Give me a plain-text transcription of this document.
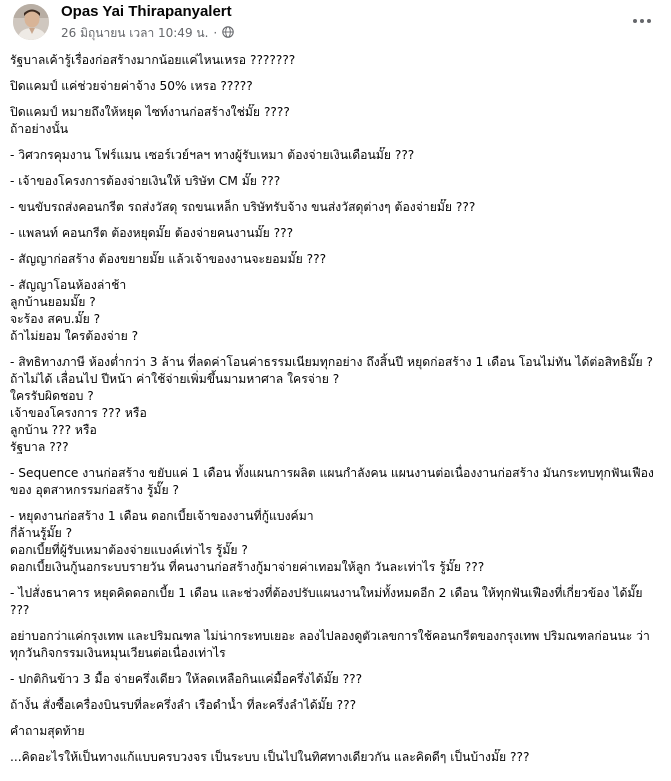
Opas Yai Thirapanyalert
26 มิถุนายน เวลา 10:49 น. ·
รัฐบาลเค้ารู้เรื่องก่อสร้างมากน้อยแค่ไหนเหรอ ???????
ปิดแคมป์ แค่ช่วยจ่ายค่าจ้าง 50% เหรอ ?????
ปิดแคมป์ หมายถึงให้หยุด ไซท์งานก่อสร้างใช่มั๊ย ????
ถ้าอย่างนั้น
- วิศวกรคุมงาน โฟร์แมน เซอร์เวย์ฯลฯ ทางผู้รับเหมา ต้องจ่ายเงินเดือนมั๊ย ???
- เจ้าของโครงการต้องจ่ายเงินให้ บริษัท CM มั๊ย ???
- ขนขับรถส่งคอนกรีต รถส่งวัสดุ รถขนเหล็ก บริษัทรับจ้าง ขนส่งวัสดุต่างๆ ต้องจ่ายมั๊ย ???
- แพลนท์ คอนกรีต ต้องหยุดมั๊ย ต้องจ่ายคนงานมั๊ย ???
- สัญญาก่อสร้าง ต้องขยายมั๊ย แล้วเจ้าของงานจะยอมมั๊ย ???
- สัญญาโอนห้องล่าช้า
ลูกบ้านยอมมั๊ย ?
จะร้อง สคบ.มั๊ย ?
ถ้าไม่ยอม ใครต้องจ่าย ?
- สิทธิทางภาษี ห้องต่ำกว่า 3 ล้าน ที่ลดค่าโอนค่าธรรมเนียมทุกอย่าง ถึงสิ้นปี หยุดก่อสร้าง 1 เดือน โอนไม่ทัน ได้ต่อสิทธิมั๊ย ?
ถ้าไม่ได้ เลื่อนไป ปีหน้า ค่าใช้จ่ายเพิ่มขึ้นมามหาศาล ใครจ่าย ?
ใครรับผิดชอบ ?
เจ้าของโครงการ ??? หรือ
ลูกบ้าน ??? หรือ
รัฐบาล ???
- Sequence งานก่อสร้าง ขยับแค่ 1 เดือน ทั้งแผนการผลิต แผนกำลังคน แผนงานต่อเนื่องงานก่อสร้าง มันกระทบทุกฟันเฟืองของ อุตสาหกรรมก่อสร้าง รู้มั๊ย ?
- หยุดงานก่อสร้าง 1 เดือน ดอกเบี้ยเจ้าของงานที่กู้แบงค์มา
กี่ล้านรู้มั๊ย ?
ดอกเบี้ยที่ผู้รับเหมาต้องจ่ายแบงค์เท่าไร รู้มั๊ย ?
ดอกเบี้ยเงินกู้นอกระบบรายวัน ที่คนงานก่อสร้างกู้มาจ่ายค่าเทอมให้ลูก วันละเท่าไร รู้มั๊ย ???
- ไปสั่งธนาคาร หยุดคิดดอกเบี้ย 1 เดือน และช่วงที่ต้องปรับแผนงานใหม่ทั้งหมดอีก 2 เดือน ให้ทุกฟันเฟืองที่เกี่ยวข้อง ได้มั๊ย ???
อย่าบอกว่าแค่กรุงเทพ และปริมณฑล ไม่น่ากระทบเยอะ ลองไปลองดูตัวเลขการใช้คอนกรีตของกรุงเทพ ปริมณฑลก่อนนะ ว่าทุกวันกิจกรรมเงินหมุนเวียนต่อเนื่องเท่าไร
- ปกติกินข้าว 3 มื้อ จ่ายครึ่งเดียว ให้ลดเหลือกินแค่มื้อครึ่งได้มั๊ย ???
ถ้างั้น สั่งซื้อเครื่องบินรบที่ละครึ่งลำ เรือดำน้ำ ที่ละครึ่งลำได้มั๊ย ???
คำถามสุดท้าย
...คิดอะไรให้เป็นทางแก้แบบครบวงจร เป็นระบบ เป็นไปในทิศทางเดียวกัน และคิดดีๆ เป็นบ้างมั๊ย ???
